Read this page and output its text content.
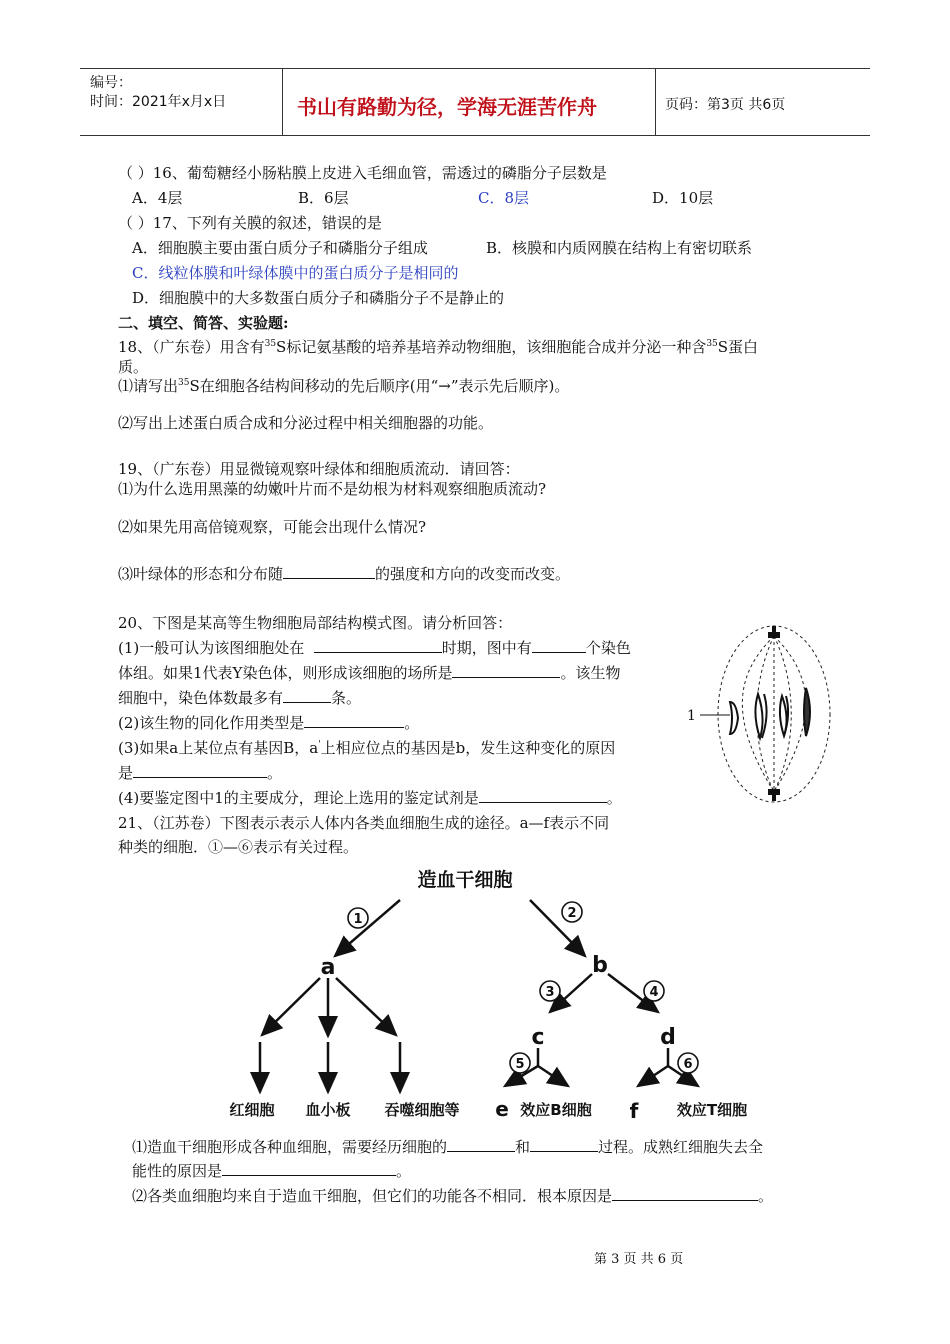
编号：
时间：2021年x月x日	书山有路勤为径，学海无涯苦作舟	页码：第3页 共6页
（ ）16、葡萄糖经小肠粘膜上皮进入毛细血管，需透过的磷脂分子层数是
A．4层	B．6层	C．8层	D．10层
（ ）17、下列有关膜的叙述，错误的是
A．细胞膜主要由蛋白质分子和磷脂分子组成	B．核膜和内质网膜在结构上有密切联系
C．线粒体膜和叶绿体膜中的蛋白质分子是相同的
D．细胞膜中的大多数蛋白质分子和磷脂分子不是静止的
二、填空、简答、实验题:
18、（广东卷）用含有$^{35}$S标记氨基酸的培养基培养动物细胞，该细胞能合成并分泌一种含$^{35}$S蛋白
质。
⑴请写出$^{35}$S在细胞各结构间移动的先后顺序(用“→”表示先后顺序)。
⑵写出上述蛋白质合成和分泌过程中相关细胞器的功能。
19、（广东卷）用显微镜观察叶绿体和细胞质流动．请回答：
⑴为什么选用黑藻的幼嫩叶片而不是幼根为材料观察细胞质流动?
⑵如果先用高倍镜观察，可能会出现什么情况?
⑶叶绿体的形态和分布随	的强度和方向的改变而改变。
20、下图是某高等生物细胞局部结构模式图。请分析回答：
(1)一般可认为该图细胞处在	时期，图中有	个染色
体组。如果1代表Y染色体，则形成该细胞的场所是	。该生物
细胞中，染色体数最多有	条。
(2)该生物的同化作用类型是	。
(3)如果a上某位点有基因B，a'上相应位点的基因是b，发生这种变化的原因
是	。
(4)要鉴定图中1的主要成分，理论上选用的鉴定试剂是	。
1
21、（江苏卷）下图表示表示人体内各类血细胞生成的途径。a—f表示不同
种类的细胞．①—⑥表示有关过程。
1	2
3	4
5	6
造血干细胞
a	b
c	d
红细胞 血小板 吞噬细胞等 e 效应B细胞 f	效应T细胞
⑴造血干细胞形成各种血细胞，需要经历细胞的	和	过程。成熟红细胞失去全
能性的原因是	。
⑵各类血细胞均来自于造血干细胞，但它们的功能各不相同．根本原因是	。
第 3 页 共 6 页
